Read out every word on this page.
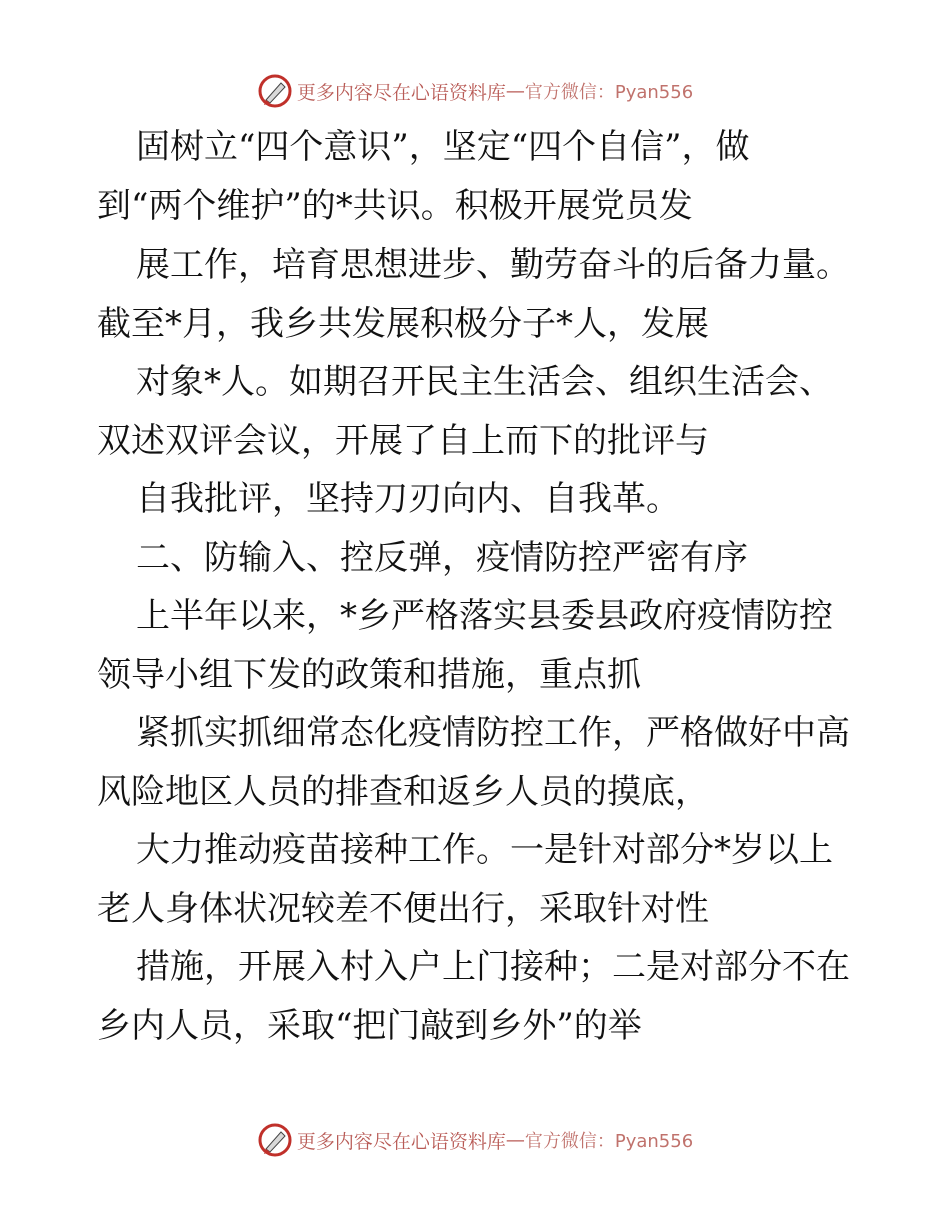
更多内容尽在心语资料库 — 官方微信：Pyan556
固树立“四个意识”，坚定“四个自信”，做
到“两个维护”的*共识。积极开展党员发
展工作，培育思想进步、勤劳奋斗的后备力量。
截至*月，我乡共发展积极分子*人，发展
对象*人。如期召开民主生活会、组织生活会、
双述双评会议，开展了自上而下的批评与
自我批评，坚持刀刃向内、自我革。
二、防输入、控反弹，疫情防控严密有序
上半年以来，*乡严格落实县委县政府疫情防控
领导小组下发的政策和措施，重点抓
紧抓实抓细常态化疫情防控工作，严格做好中高
风险地区人员的排查和返乡人员的摸底，
大力推动疫苗接种工作。一是针对部分*岁以上
老人身体状况较差不便出行，采取针对性
措施，开展入村入户上门接种；二是对部分不在
乡内人员，采取“把门敲到乡外”的举
更多内容尽在心语资料库 — 官方微信：Pyan556
